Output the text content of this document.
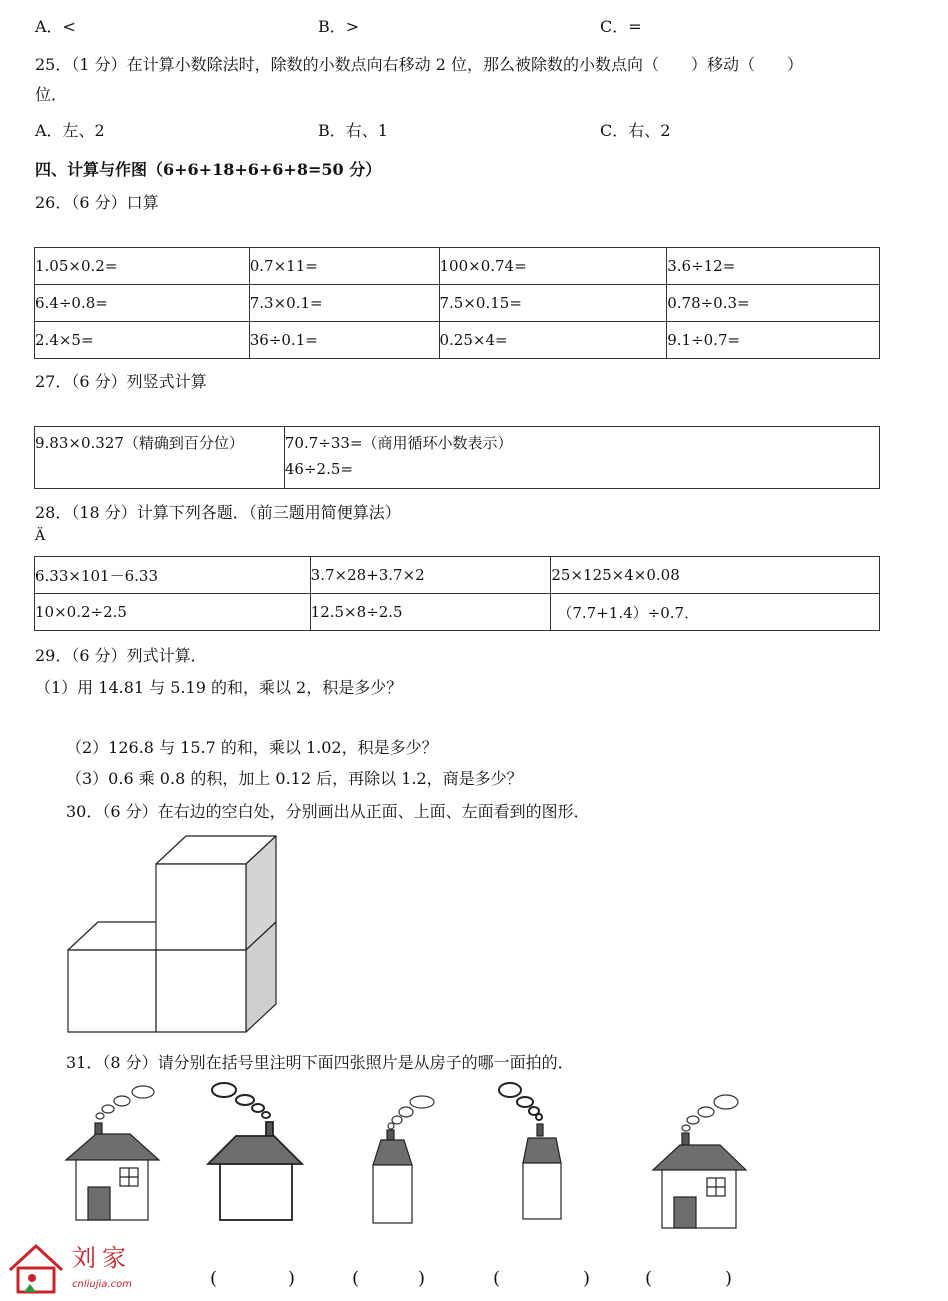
A．<	B．>	C．=
25．（1 分）在计算小数除法时，除数的小数点向右移动 2 位，那么被除数的小数点向（　　）移动（　　）
位．
A．左、2	B．右、1	C．右、2
四、计算与作图（6+6+18+6+6+8=50 分）
26．（6 分）口算
1.05×0.2=	0.7×11=	100×0.74=	3.6÷12=
6.4÷0.8=	7.3×0.1=	7.5×0.15=	0.78÷0.3=
2.4×5=	36÷0.1=	0.25×4=	9.1÷0.7=
27．（6 分）列竖式计算
9.83×0.327（精确到百分位）	70.7÷33=（商用循环小数表示）
46÷2.5=
28．（18 分）计算下列各题．（前三题用简便算法）
Ä
6.33×101－6.33	3.7×28+3.7×2	25×125×4×0.08
10×0.2÷2.5	12.5×8÷2.5	（7.7+1.4）÷0.7．
29．（6 分）列式计算．
（1）用 14.81 与 5.19 的和，乘以 2，积是多少？
（2）126.8 与 15.7 的和，乘以 1.02，积是多少？
（3）0.6 乘 0.8 的积，加上 0.12 后，再除以 1.2，商是多少？
30．（6 分）在右边的空白处，分别画出从正面、上面、左面看到的图形．
31．（8 分）请分别在括号里注明下面四张照片是从房子的哪一面拍的．
(	)	(	)	(	)	(	)
刘家
cnliujia.com
